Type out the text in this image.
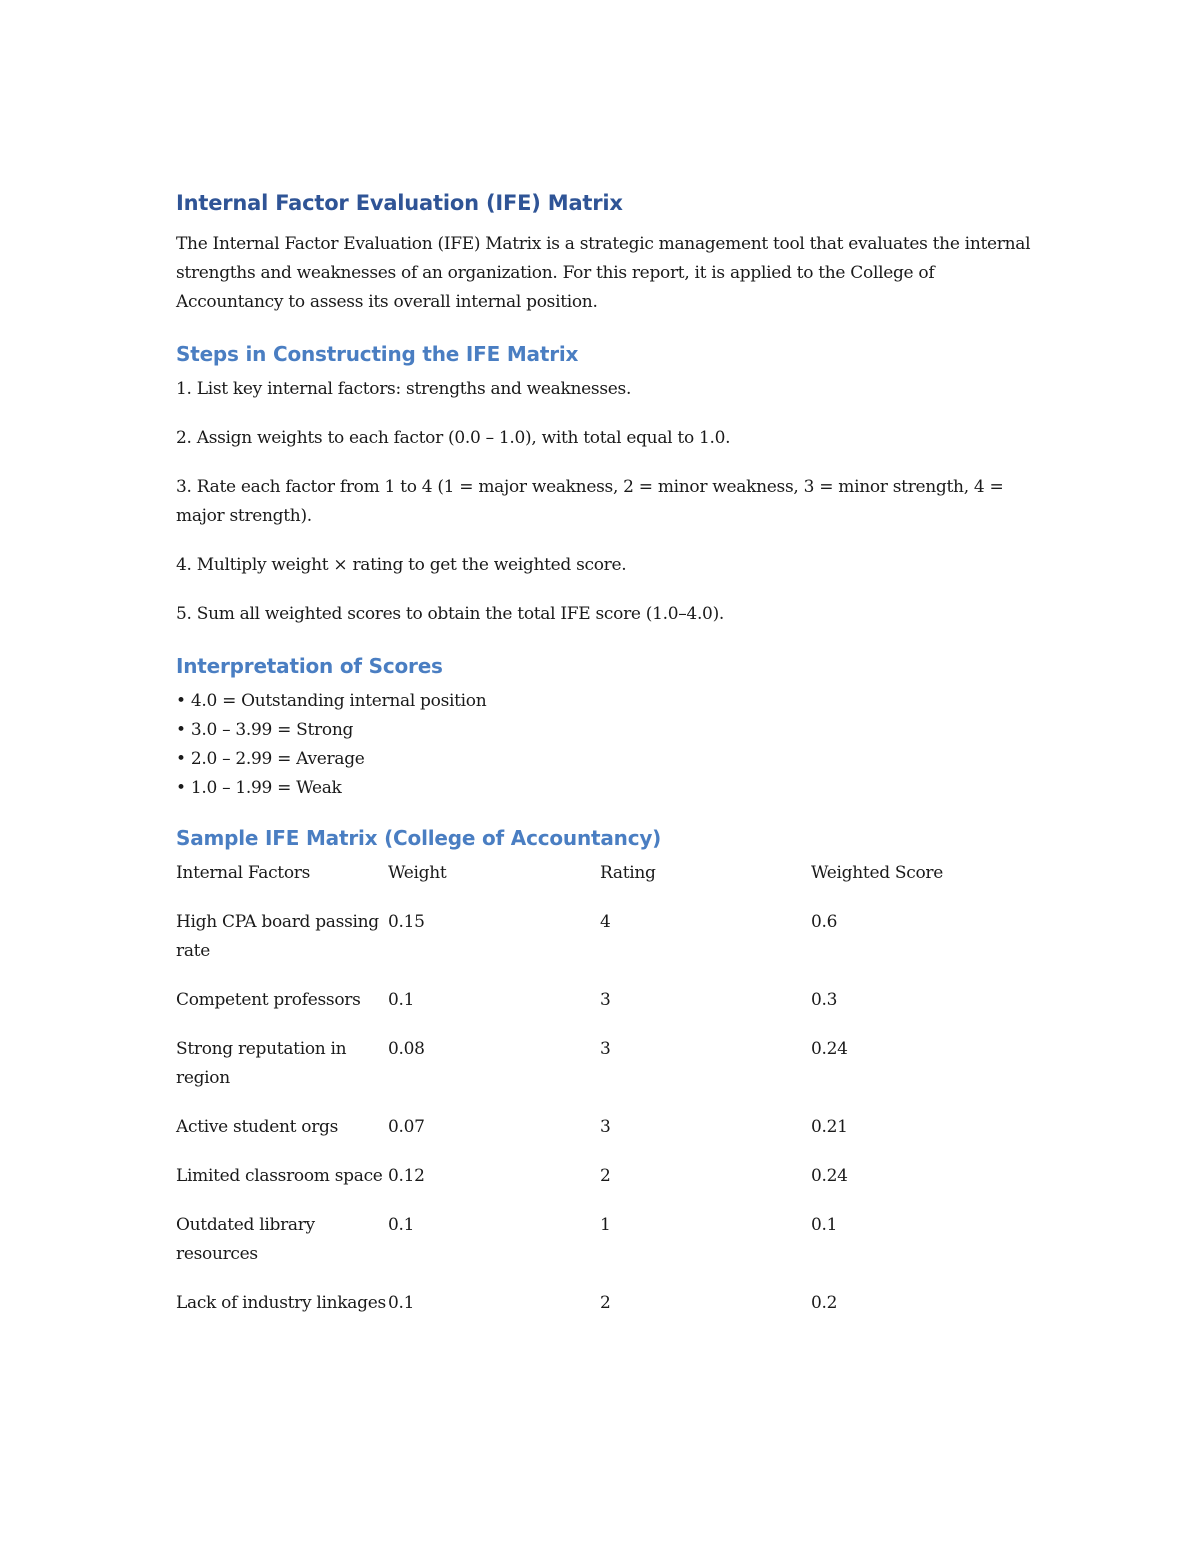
Internal Factor Evaluation (IFE) Matrix

The Internal Factor Evaluation (IFE) Matrix is a strategic management tool that evaluates the internal strengths and weaknesses of an organization. For this report, it is applied to the College of Accountancy to assess its overall internal position.

Steps in Constructing the IFE Matrix

1. List key internal factors: strengths and weaknesses.

2. Assign weights to each factor (0.0 – 1.0), with total equal to 1.0.

3. Rate each factor from 1 to 4 (1 = major weakness, 2 = minor weakness, 3 = minor strength, 4 = major strength).

4. Multiply weight × rating to get the weighted score.

5. Sum all weighted scores to obtain the total IFE score (1.0–4.0).

Interpretation of Scores

• 4.0 = Outstanding internal position

• 3.0 – 3.99 = Strong

• 2.0 – 2.99 = Average

• 1.0 – 1.99 = Weak

Sample IFE Matrix (College of Accountancy)
Internal Factors	Weight	Rating	Weighted Score
High CPA board passing rate	0.15	4	0.6
Competent professors	0.1	3	0.3
Strong reputation in region	0.08	3	0.24
Active student orgs	0.07	3	0.21
Limited classroom space	0.12	2	0.24
Outdated library resources	0.1	1	0.1
Lack of industry linkages	0.1	2	0.2
